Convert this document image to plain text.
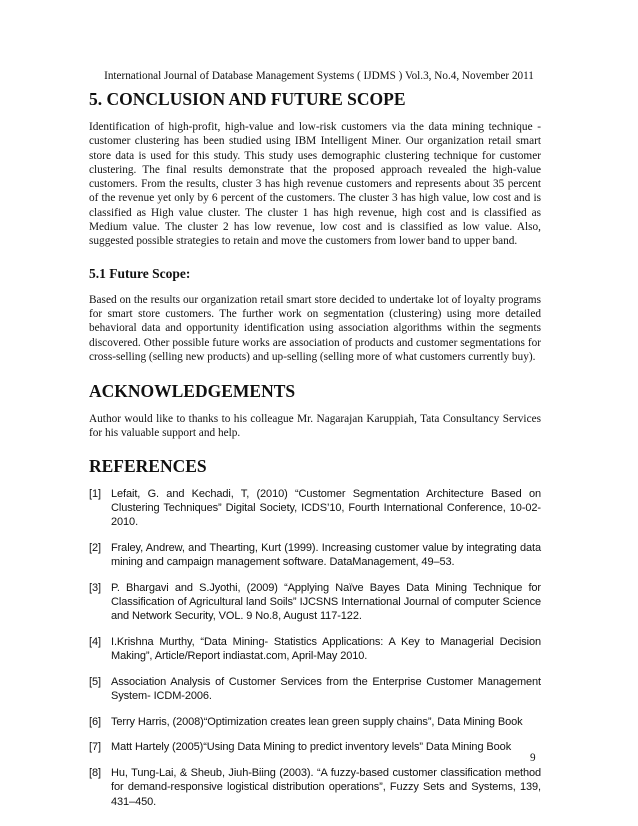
International Journal of Database Management Systems ( IJDMS ) Vol.3, No.4, November 2011
5. CONCLUSION AND FUTURE SCOPE

Identification of high-profit, high-value and low-risk customers via the data mining technique - customer clustering has been studied using IBM Intelligent Miner. Our organization retail smart store data is used for this study. This study uses demographic clustering technique for customer clustering. The final results demonstrate that the proposed approach revealed the high-value customers. From the results, cluster 3 has high revenue customers and represents about 35 percent of the revenue yet only by 6 percent of the customers. The cluster 3 has high value, low cost and is classified as High value cluster. The cluster 1 has high revenue, high cost and is classified as Medium value. The cluster 2 has low revenue, low cost and is classified as low value. Also, suggested possible strategies to retain and move the customers from lower band to upper band.

5.1 Future Scope:

Based on the results our organization retail smart store decided to undertake lot of loyalty programs for smart store customers. The further work on segmentation (clustering) using more detailed behavioral data and opportunity identification using association algorithms within the segments discovered. Other possible future works are association of products and customer segmentations for cross-selling (selling new products) and up-selling (selling more of what customers currently buy).

ACKNOWLEDGEMENTS

Author would like to thanks to his colleague Mr. Nagarajan Karuppiah, Tata Consultancy Services for his valuable support and help.

REFERENCES
[1] Lefait, G. and Kechadi, T, (2010) “Customer Segmentation Architecture Based on Clustering Techniques” Digital Society, ICDS’10, Fourth International Conference, 10-02-2010.
[2] Fraley, Andrew, and Thearting, Kurt (1999). Increasing customer value by integrating data mining and campaign management software. DataManagement, 49–53.
[3] P. Bhargavi and S.Jyothi, (2009) “Applying Naïve Bayes Data Mining Technique for Classification of Agricultural land Soils” IJCSNS International Journal of computer Science and Network Security, VOL. 9 No.8, August 117-122.
[4] I.Krishna Murthy, “Data Mining- Statistics Applications: A Key to Managerial Decision Making”, Article/Report indiastat.com, April-May 2010.
[5] Association Analysis of Customer Services from the Enterprise Customer Management System- ICDM-2006.
[6] Terry Harris, (2008)“Optimization creates lean green supply chains”, Data Mining Book
[7] Matt Hartely (2005)“Using Data Mining to predict inventory levels” Data Mining Book
[8] Hu, Tung-Lai, & Sheub, Jiuh-Biing (2003). “A fuzzy-based customer classification method for demand-responsive logistical distribution operations”, Fuzzy Sets and Systems, 139, 431–450.
9
